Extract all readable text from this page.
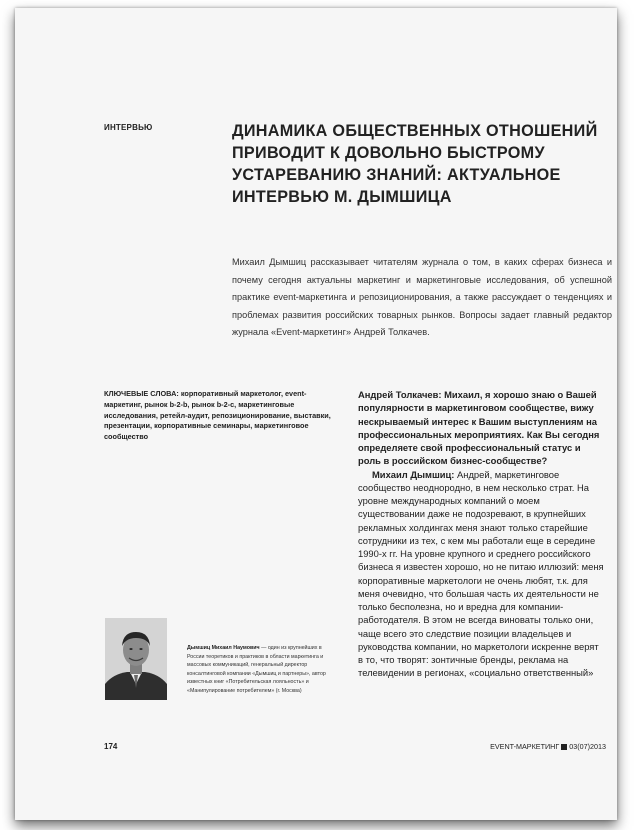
ИНТЕРВЬЮ	ДИНАМИКА ОБЩЕСТВЕННЫХ ОТНОШЕНИЙ ПРИВОДИТ К ДОВОЛЬНО БЫСТРОМУ УСТАРЕВАНИЮ ЗНАНИЙ: АКТУАЛЬНОЕ ИНТЕРВЬЮ М. ДЫМШИЦА
Михаил Дымшиц рассказывает читателям журнала о том, в каких сферах бизнеса и почему сегодня актуальны маркетинг и маркетинговые исследования, об успешной практике event-маркетинга и репозиционирования, а также рассуждает о тенденциях и проблемах развития российских товарных рынков. Вопросы задает главный редактор журнала «Event-маркетинг» Андрей Толкачев.
КЛЮЧЕВЫЕ СЛОВА: корпоративный маркетолог, event-маркетинг, рынок b-2-b, рынок b-2-c, маркетинговые исследования, ретейл-аудит, репозиционирование, выставки, презентации, корпоративные семинары, маркетинговое сообщество
Дымшиц Михаил Наумович — один из крупнейших в России теоретиков и практиков в области маркетинга и массовых коммуникаций, генеральный директор консалтинговой компании «Дымшиц и партнеры», автор известных книг «Потребительская лояльность» и «Манипулирование потребителем» (г. Москва)

Андрей Толкачев: Михаил, я хорошо знаю о Вашей популярности в маркетинговом сообществе, вижу нескрываемый интерес к Вашим выступлениям на профессиональных мероприятиях. Как Вы сегодня определяете свой профессиональный статус и роль в российском бизнес-сообществе?

Михаил Дымшиц: Андрей, маркетинговое сообщество неоднородно, в нем несколько страт. На уровне международных компаний о моем существовании даже не подозревают, в крупнейших рекламных холдингах меня знают только старейшие сотрудники из тех, с кем мы работали еще в середине 1990-х гг. На уровне крупного и среднего российского бизнеса я известен хорошо, но не питаю иллюзий: меня корпоративные маркетологи не очень любят, т.к. для меня очевидно, что большая часть их деятельности не только бесполезна, но и вредна для компании-работодателя. В этом не всегда виноваты только они, чаще всего это следствие позиции владельцев и руководства компании, но маркетологи искренне верят в то, что творят: зонтичные бренды, реклама на телевидении в регионах, «социально ответственный»

174	EVENT-МАРКЕТИНГ 03(07)2013
